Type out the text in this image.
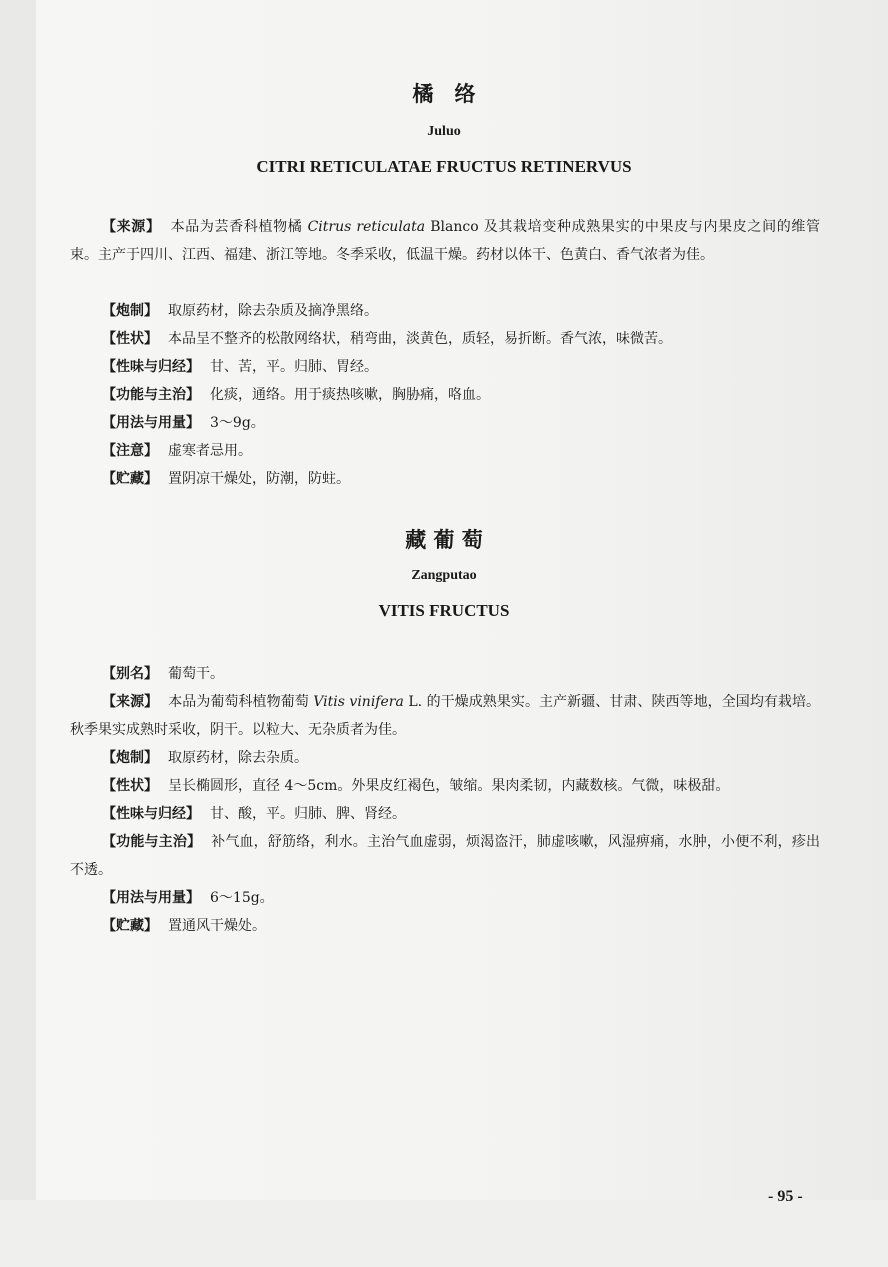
橘　络
Juluo
CITRI RETICULATAE FRUCTUS RETINERVUS

【来源】 本品为芸香科植物橘 Citrus reticulata Blanco 及其栽培变种成熟果实的中果皮与内果皮之间的维管束。主产于四川、江西、福建、浙江等地。冬季采收，低温干燥。药材以体干、色黄白、香气浓者为佳。

【炮制】 取原药材，除去杂质及摘净黑络。

【性状】 本品呈不整齐的松散网络状，稍弯曲，淡黄色，质轻，易折断。香气浓，味微苦。

【性味与归经】 甘、苦，平。归肺、胃经。

【功能与主治】 化痰，通络。用于痰热咳嗽，胸胁痛，咯血。

【用法与用量】 3～9g。

【注意】 虚寒者忌用。

【贮藏】 置阴凉干燥处，防潮，防蛀。

藏 葡 萄
Zangputao
VITIS FRUCTUS

【别名】 葡萄干。

【来源】 本品为葡萄科植物葡萄 Vitis vinifera L. 的干燥成熟果实。主产新疆、甘肃、陕西等地，全国均有栽培。秋季果实成熟时采收，阴干。以粒大、无杂质者为佳。

【炮制】 取原药材，除去杂质。

【性状】 呈长椭圆形，直径 4～5cm。外果皮红褐色，皱缩。果肉柔韧，内藏数核。气微，味极甜。

【性味与归经】 甘、酸，平。归肺、脾、肾经。

【功能与主治】 补气血，舒筋络，利水。主治气血虚弱，烦渴盗汗，肺虚咳嗽，风湿痹痛，水肿，小便不利，疹出不透。

【用法与用量】 6～15g。

【贮藏】 置通风干燥处。

- 95 -
